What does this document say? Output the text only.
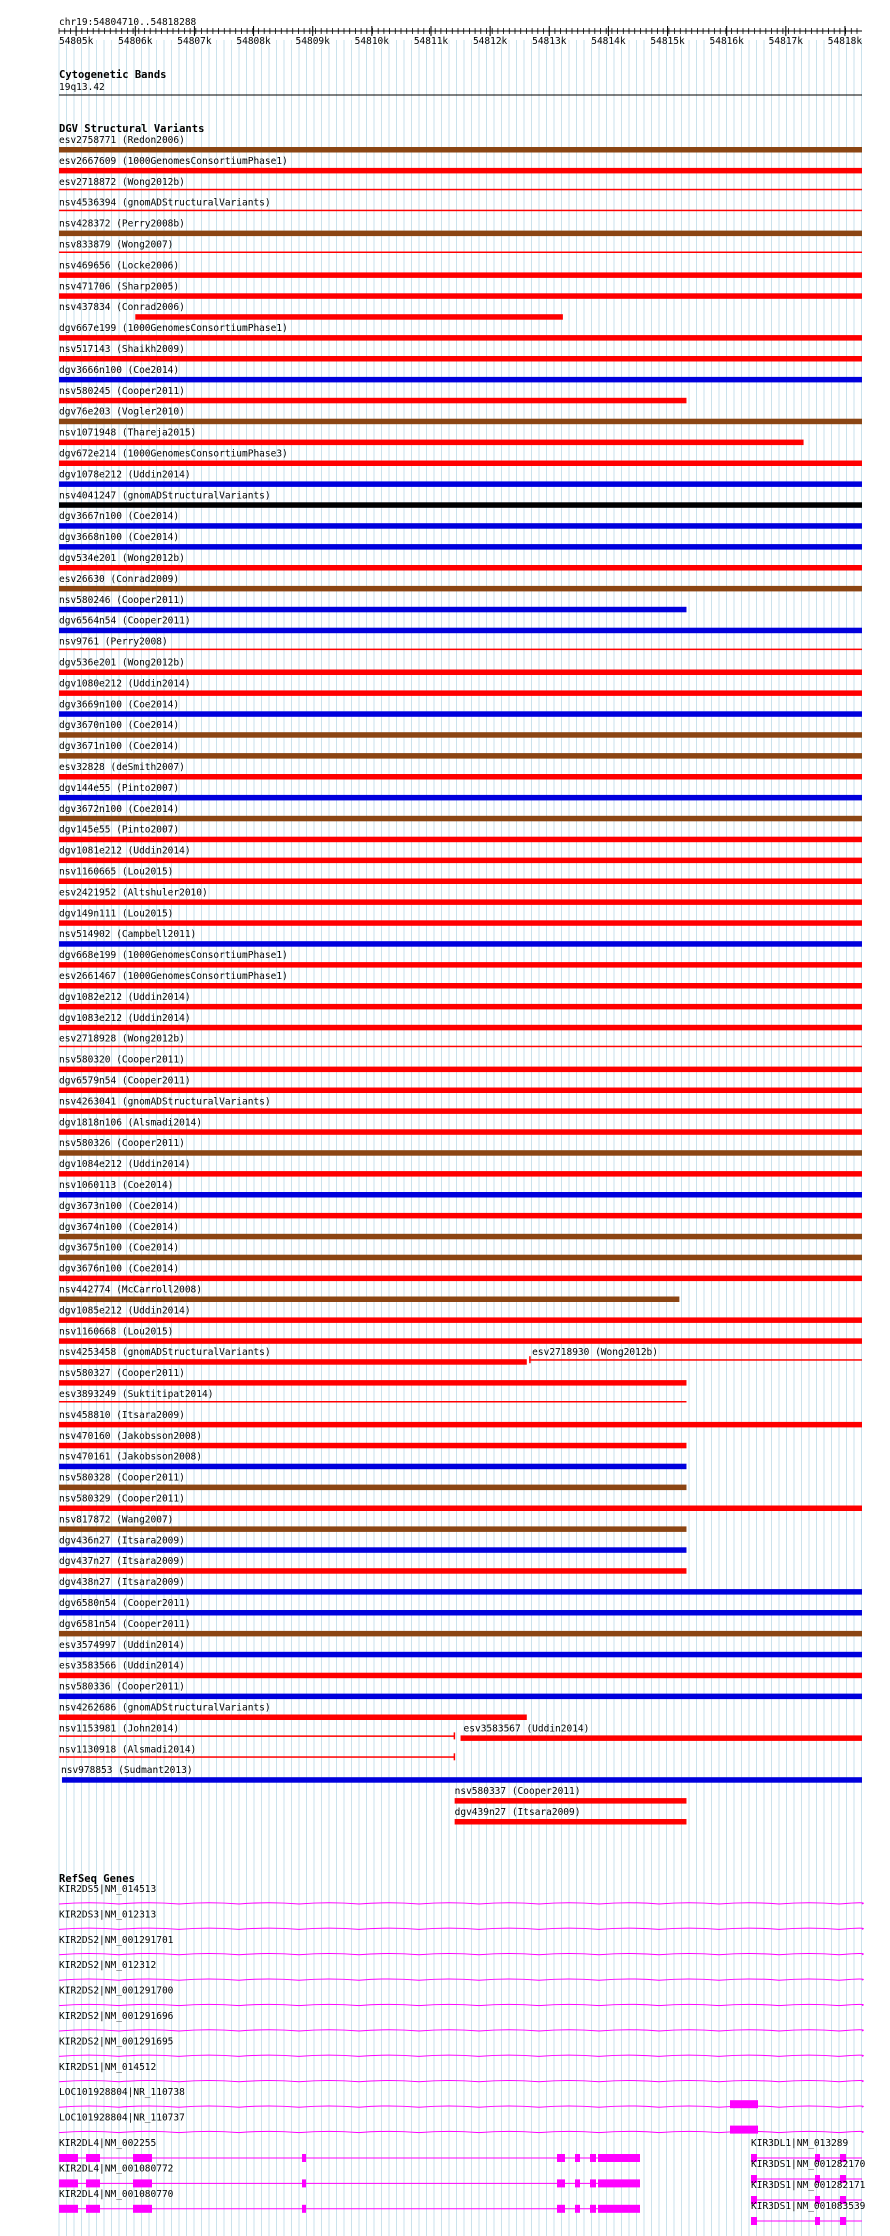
chr19:54804710..54818288
54805k	54806k	54807k	54808k	54809k	54810k	54811k	54812k	54813k	54814k	54815k	54816k	54817k	54818k
Cytogenetic Bands
19q13.42
DGV Structural Variants
esv2758771 (Redon2006)
esv2667609 (1000GenomesConsortiumPhase1)
esv2718872 (Wong2012b)
nsv4536394 (gnomADStructuralVariants)
nsv428372 (Perry2008b)
nsv833879 (Wong2007)
nsv469656 (Locke2006)
nsv471706 (Sharp2005)
nsv437834 (Conrad2006)
dgv667e199 (1000GenomesConsortiumPhase1)
nsv517143 (Shaikh2009)
dgv3666n100 (Coe2014)
nsv580245 (Cooper2011)
dgv76e203 (Vogler2010)
nsv1071948 (Thareja2015)
dgv672e214 (1000GenomesConsortiumPhase3)
dgv1078e212 (Uddin2014)
nsv4041247 (gnomADStructuralVariants)
dgv3667n100 (Coe2014)
dgv3668n100 (Coe2014)
dgv534e201 (Wong2012b)
esv26630 (Conrad2009)
nsv580246 (Cooper2011)
dgv6564n54 (Cooper2011)
nsv9761 (Perry2008)
dgv536e201 (Wong2012b)
dgv1080e212 (Uddin2014)
dgv3669n100 (Coe2014)
dgv3670n100 (Coe2014)
dgv3671n100 (Coe2014)
esv32828 (deSmith2007)
dgv144e55 (Pinto2007)
dgv3672n100 (Coe2014)
dgv145e55 (Pinto2007)
dgv1081e212 (Uddin2014)
nsv1160665 (Lou2015)
esv2421952 (Altshuler2010)
dgv149n111 (Lou2015)
nsv514902 (Campbell2011)
dgv668e199 (1000GenomesConsortiumPhase1)
esv2661467 (1000GenomesConsortiumPhase1)
dgv1082e212 (Uddin2014)
dgv1083e212 (Uddin2014)
esv2718928 (Wong2012b)
nsv580320 (Cooper2011)
dgv6579n54 (Cooper2011)
nsv4263041 (gnomADStructuralVariants)
dgv1818n106 (Alsmadi2014)
nsv580326 (Cooper2011)
dgv1084e212 (Uddin2014)
nsv1060113 (Coe2014)
dgv3673n100 (Coe2014)
dgv3674n100 (Coe2014)
dgv3675n100 (Coe2014)
dgv3676n100 (Coe2014)
nsv442774 (McCarroll2008)
dgv1085e212 (Uddin2014)
nsv1160668 (Lou2015)
nsv4253458 (gnomADStructuralVariants)	esv2718930 (Wong2012b)
nsv580327 (Cooper2011)
esv3893249 (Suktitipat2014)
nsv458810 (Itsara2009)
nsv470160 (Jakobsson2008)
nsv470161 (Jakobsson2008)
nsv580328 (Cooper2011)
nsv580329 (Cooper2011)
nsv817872 (Wang2007)
dgv436n27 (Itsara2009)
dgv437n27 (Itsara2009)
dgv438n27 (Itsara2009)
dgv6580n54 (Cooper2011)
dgv6581n54 (Cooper2011)
esv3574997 (Uddin2014)
esv3583566 (Uddin2014)
nsv580336 (Cooper2011)
nsv4262686 (gnomADStructuralVariants)
nsv1153981 (John2014)	esv3583567 (Uddin2014)
nsv1130918 (Alsmadi2014)
nsv978853 (Sudmant2013)
nsv580337 (Cooper2011)
dgv439n27 (Itsara2009)
RefSeq Genes
KIR2DS5|NM_014513
KIR2DS3|NM_012313
KIR2DS2|NM_001291701
KIR2DS2|NM_012312
KIR2DS2|NM_001291700
KIR2DS2|NM_001291696
KIR2DS2|NM_001291695
KIR2DS1|NM_014512
LOC101928804|NR_110738
LOC101928804|NR_110737
KIR2DL4|NM_002255
KIR2DL4|NM_001080772
KIR2DL4|NM_001080770
KIR3DL1|NM_013289
KIR3DS1|NM_001282170
KIR3DS1|NM_001282171
KIR3DS1|NM_001083539
